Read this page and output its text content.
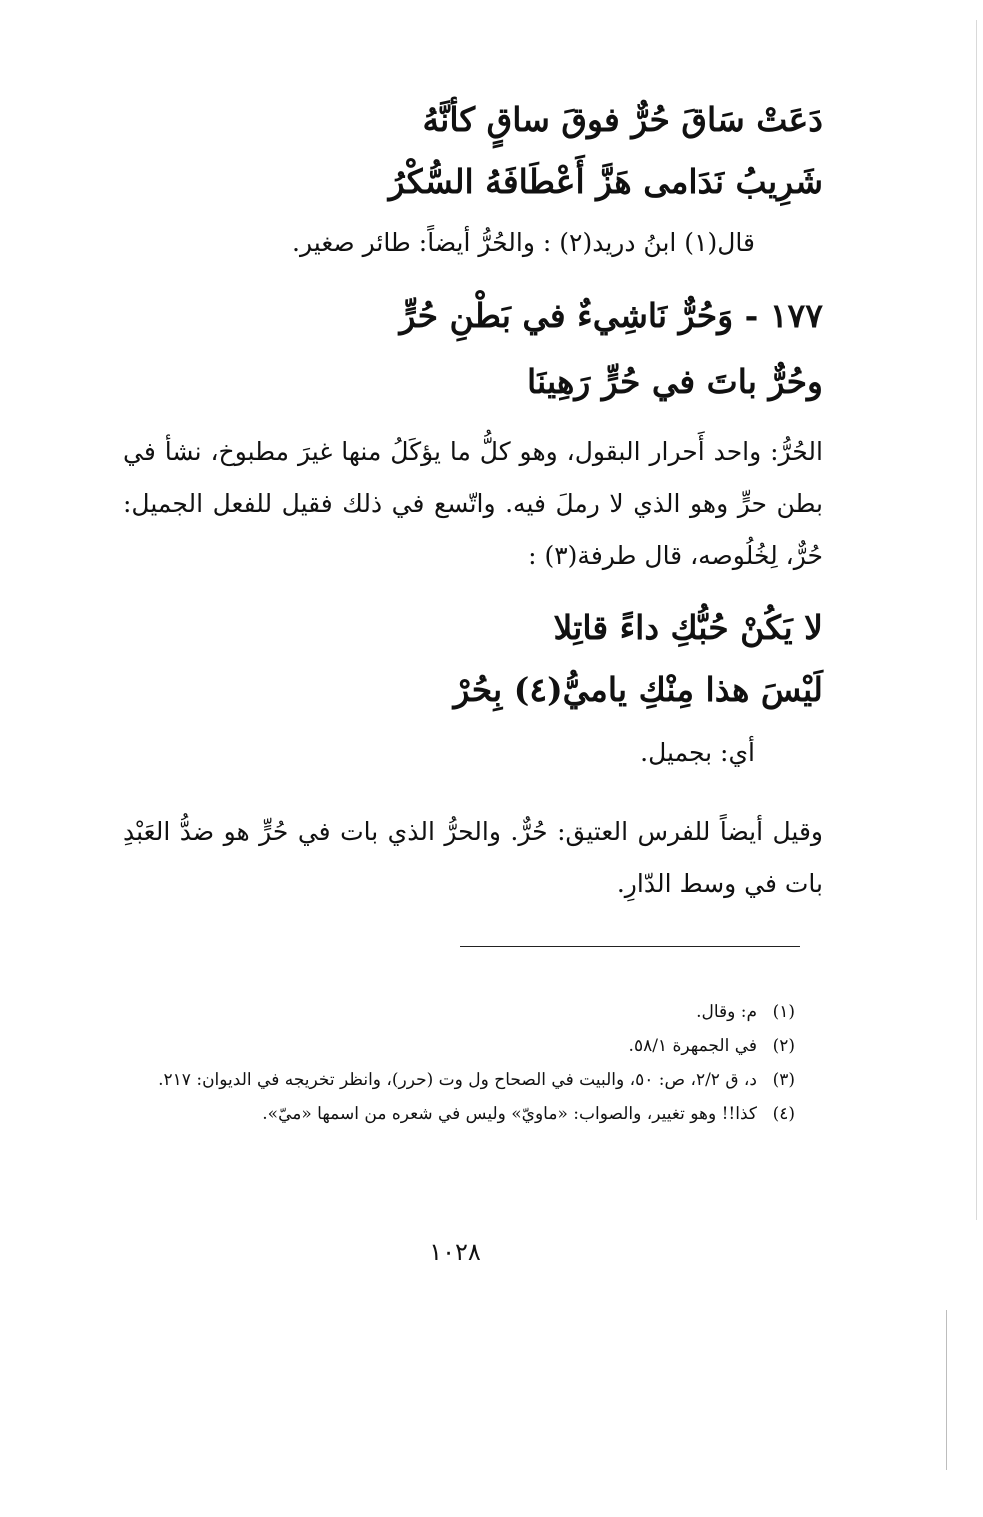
دَعَتْ سَاقَ حُرٌّ فوقَ ساقٍ كأنَّهُ
شَرِيبُ نَدَامى هَزَّ أَعْطَافَهُ السُّكْرُ
قال(١) ابنُ دريد(٢) : والحُرُّ أيضاً: طائر صغير.
١٧٧ - وَحُرٌّ نَاشِيءٌ في بَطْنِ حُرٍّ
وحُرٌّ باتَ في حُرٍّ رَهِينَا
الحُرُّ: واحد أَحرار البقول، وهو كلُّ ما يؤكَلُ منها غيرَ مطبوخ، نشأ في بطن حرٍّ وهو الذي لا رملَ فيه. واتّسع في ذلك فقيل للفعل الجميل: حُرٌّ، لِخُلُوصه، قال طرفة(٣) :
لا يَكُنْ حُبُّكِ داءً قاتِلا
لَيْسَ هذا مِنْكِ ياميُّ(٤) بِحُرْ
أي: بجميل.
وقيل أيضاً للفرس العتيق: حُرٌّ. والحرُّ الذي بات في حُرٍّ هو ضدُّ العَبْدِ بات في وسط الدّارِ.
(١)
م: وقال.
(٢)
في الجمهرة ٥٨/١.
(٣)
د، ق ٢/٢، ص: ٥٠، والبيت في الصحاح ول وت (حرر)، وانظر تخريجه في الديوان: ٢١٧.
(٤)
كذا!! وهو تغيير، والصواب: «ماويّ» وليس في شعره من اسمها «ميّ».
١٠٢٨
